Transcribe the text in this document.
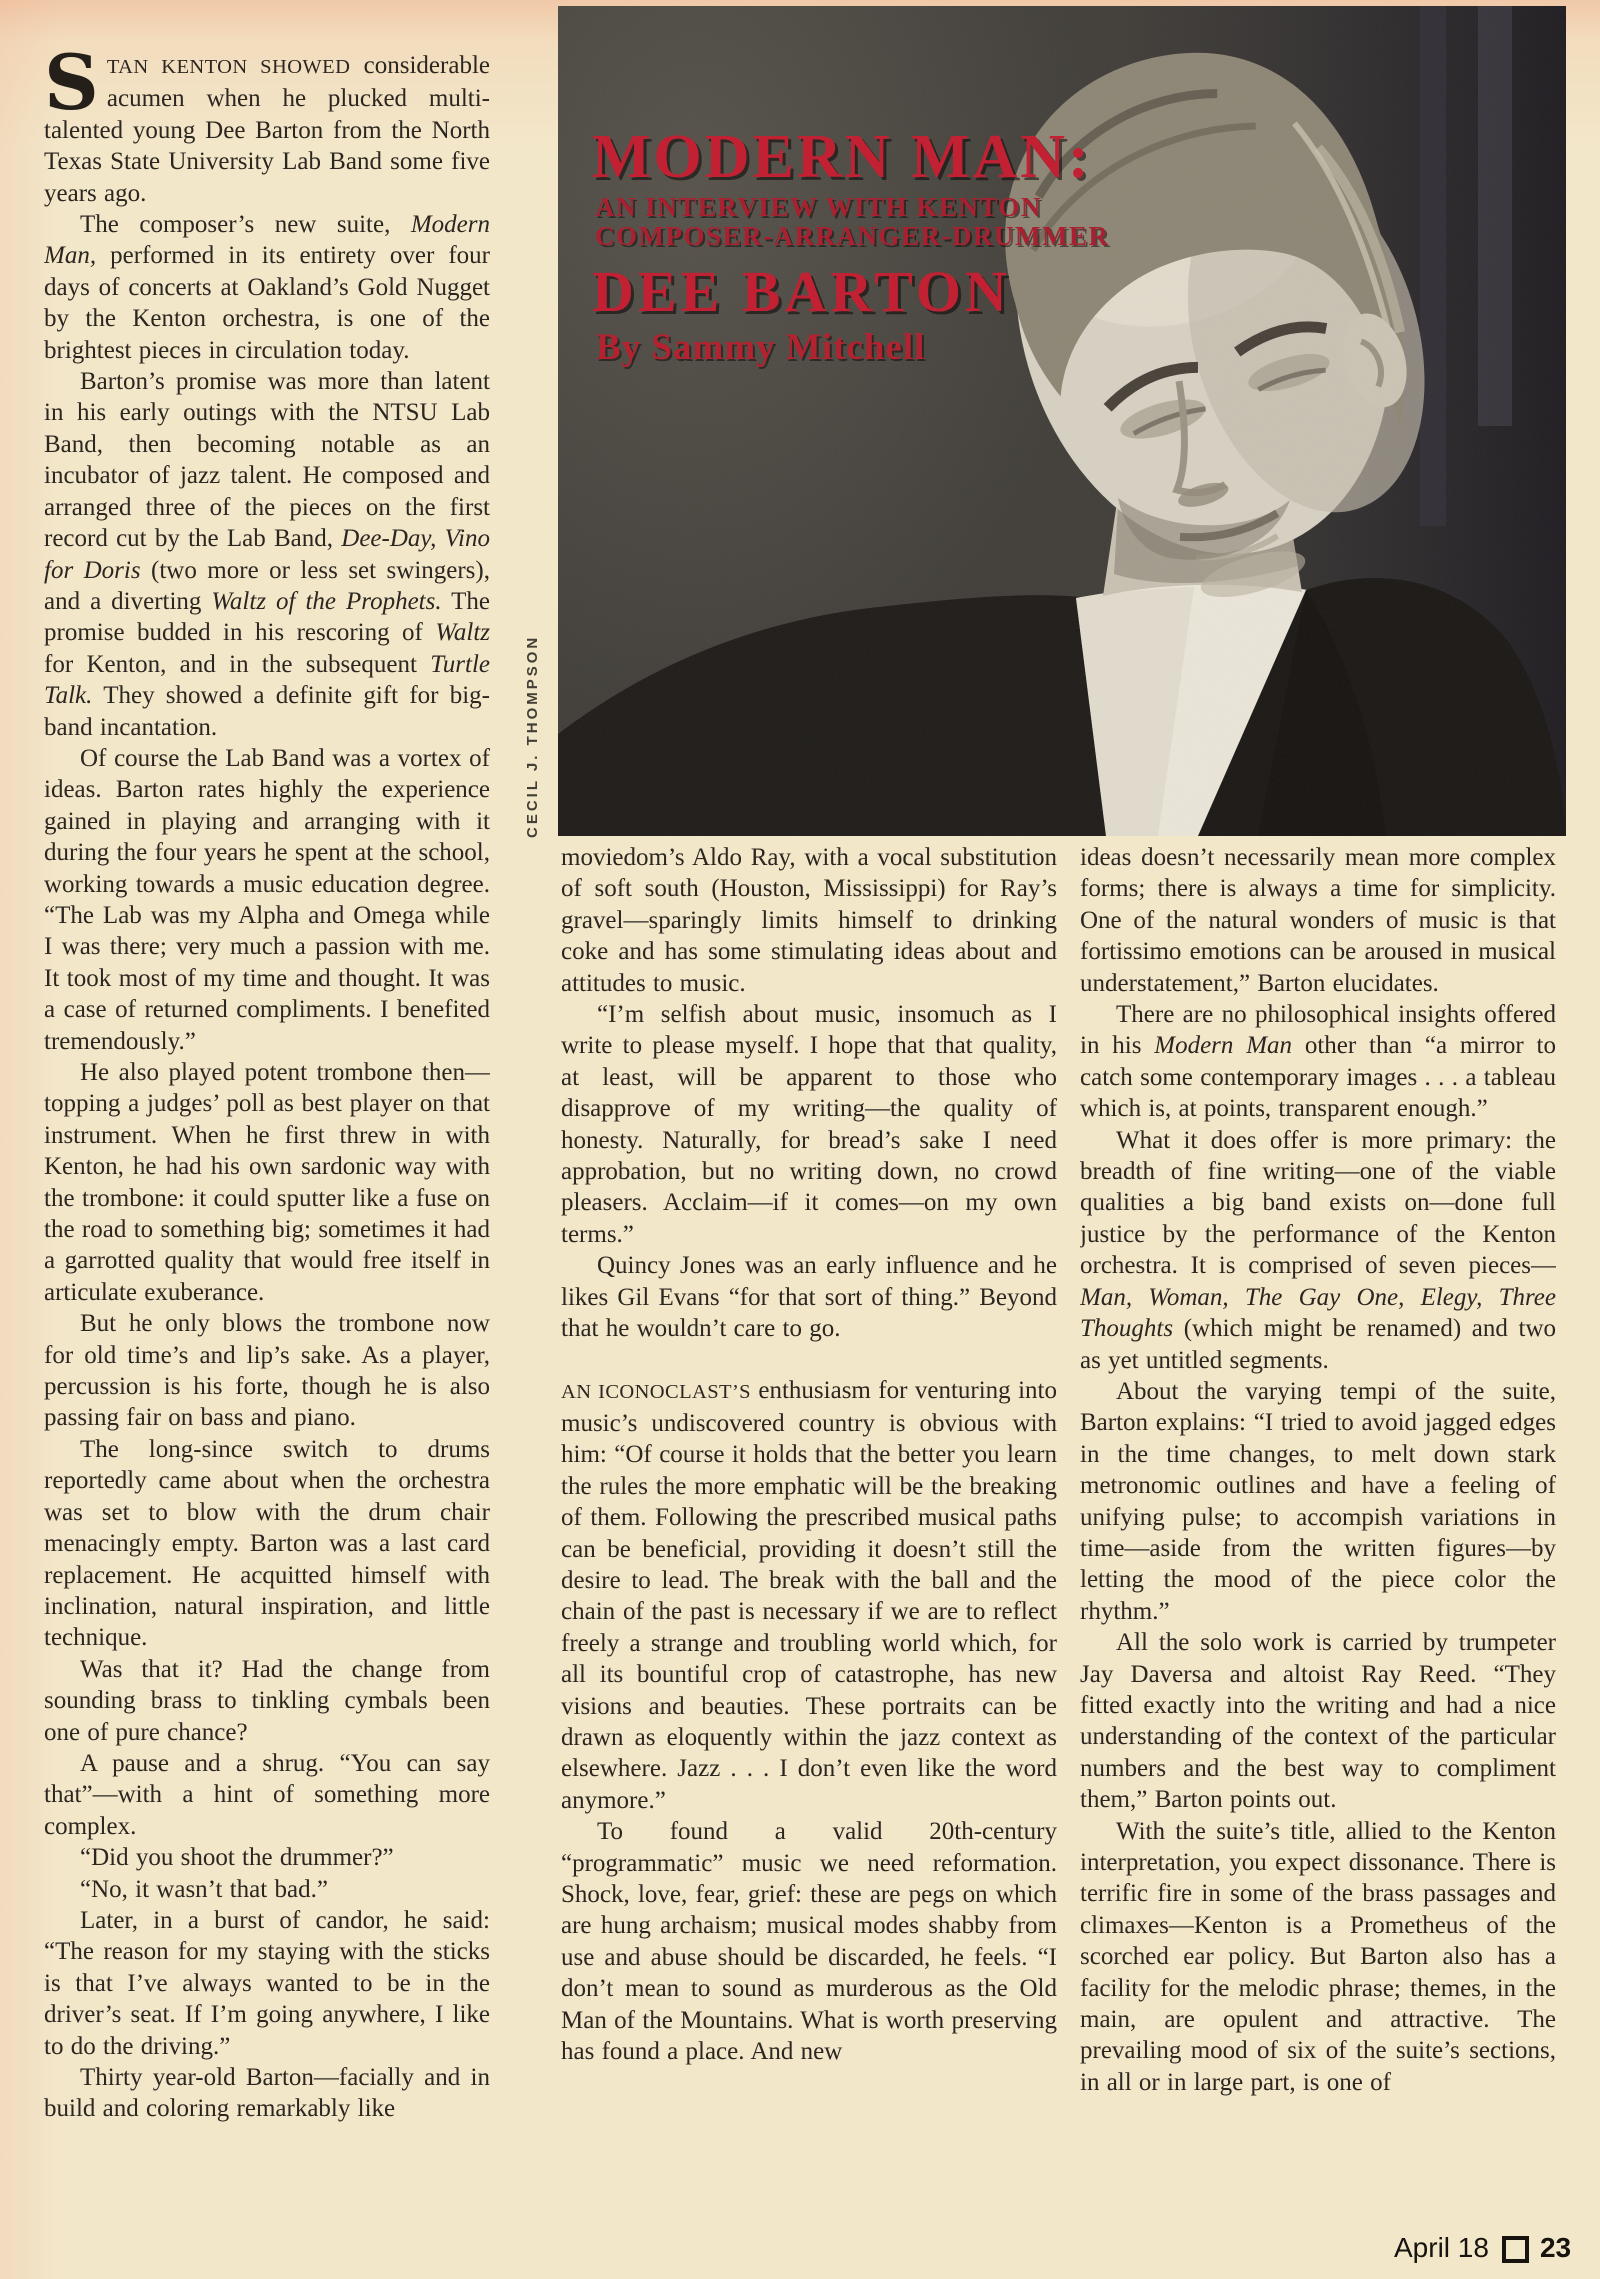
STAN KENTON SHOWED considerable acumen when he plucked multi-talented young Dee Barton from the North Texas State University Lab Band some five years ago.

The composer’s new suite, Modern Man, performed in its entirety over four days of concerts at Oakland’s Gold Nugget by the Kenton orchestra, is one of the brightest pieces in circulation today.

Barton’s promise was more than latent in his early outings with the NTSU Lab Band, then becoming notable as an incubator of jazz talent. He composed and arranged three of the pieces on the first record cut by the Lab Band, Dee-Day, Vino for Doris (two more or less set swingers), and a diverting Waltz of the Prophets. The promise budded in his rescoring of Waltz for Kenton, and in the subsequent Turtle Talk. They showed a definite gift for big-band incantation.

Of course the Lab Band was a vortex of ideas. Barton rates highly the experience gained in playing and arranging with it during the four years he spent at the school, working towards a music education degree. “The Lab was my Alpha and Omega while I was there; very much a passion with me. It took most of my time and thought. It was a case of returned compliments. I benefited tremendously.”

He also played potent trombone then—topping a judges’ poll as best player on that instrument. When he first threw in with Kenton, he had his own sardonic way with the trombone: it could sputter like a fuse on the road to something big; sometimes it had a garrotted quality that would free itself in articulate exuberance.

But he only blows the trombone now for old time’s and lip’s sake. As a player, percussion is his forte, though he is also passing fair on bass and piano.

The long-since switch to drums reportedly came about when the orchestra was set to blow with the drum chair menacingly empty. Barton was a last card replacement. He acquitted himself with inclination, natural inspiration, and little technique.

Was that it? Had the change from sounding brass to tinkling cymbals been one of pure chance?

A pause and a shrug. “You can say that”—with a hint of something more complex.

“Did you shoot the drummer?”

“No, it wasn’t that bad.”

Later, in a burst of candor, he said: “The reason for my staying with the sticks is that I’ve always wanted to be in the driver’s seat. If I’m going anywhere, I like to do the driving.”

Thirty year-old Barton—facially and in build and coloring remarkably like

MODERN MAN:
AN INTERVIEW WITH KENTON
COMPOSER-ARRANGER-DRUMMER
DEE BARTON
By Sammy Mitchell
CECIL J. THOMPSON

moviedom’s Aldo Ray, with a vocal substitution of soft south (Houston, Mississippi) for Ray’s gravel—sparingly limits himself to drinking coke and has some stimulating ideas about and attitudes to music.

“I’m selfish about music, insomuch as I write to please myself. I hope that that quality, at least, will be apparent to those who disapprove of my writing—the quality of honesty. Naturally, for bread’s sake I need approbation, but no writing down, no crowd pleasers. Acclaim—if it comes—on my own terms.”

Quincy Jones was an early influence and he likes Gil Evans “for that sort of thing.” Beyond that he wouldn’t care to go.

AN ICONOCLAST’S enthusiasm for venturing into music’s undiscovered country is obvious with him: “Of course it holds that the better you learn the rules the more emphatic will be the breaking of them. Following the prescribed musical paths can be beneficial, providing it doesn’t still the desire to lead. The break with the ball and the chain of the past is necessary if we are to reflect freely a strange and troubling world which, for all its bountiful crop of catastrophe, has new visions and beauties. These portraits can be drawn as eloquently within the jazz context as elsewhere. Jazz . . . I don’t even like the word anymore.”

To found a valid 20th-century “programmatic” music we need reformation. Shock, love, fear, grief: these are pegs on which are hung archaism; musical modes shabby from use and abuse should be discarded, he feels. “I don’t mean to sound as murderous as the Old Man of the Mountains. What is worth preserving has found a place. And new

ideas doesn’t necessarily mean more complex forms; there is always a time for simplicity. One of the natural wonders of music is that fortissimo emotions can be aroused in musical understatement,” Barton elucidates.

There are no philosophical insights offered in his Modern Man other than “a mirror to catch some contemporary images . . . a tableau which is, at points, transparent enough.”

What it does offer is more primary: the breadth of fine writing—one of the viable qualities a big band exists on—done full justice by the performance of the Kenton orchestra. It is comprised of seven pieces—Man, Woman, The Gay One, Elegy, Three Thoughts (which might be renamed) and two as yet untitled segments.

About the varying tempi of the suite, Barton explains: “I tried to avoid jagged edges in the time changes, to melt down stark metronomic outlines and have a feeling of unifying pulse; to accompish variations in time—aside from the written figures—by letting the mood of the piece color the rhythm.”

All the solo work is carried by trumpeter Jay Daversa and altoist Ray Reed. “They fitted exactly into the writing and had a nice understanding of the context of the particular numbers and the best way to compliment them,” Barton points out.

With the suite’s title, allied to the Kenton interpretation, you expect dissonance. There is terrific fire in some of the brass passages and climaxes—Kenton is a Prometheus of the scorched ear policy. But Barton also has a facility for the melodic phrase; themes, in the main, are opulent and attractive. The prevailing mood of six of the suite’s sections, in all or in large part, is one of

April 18 23
